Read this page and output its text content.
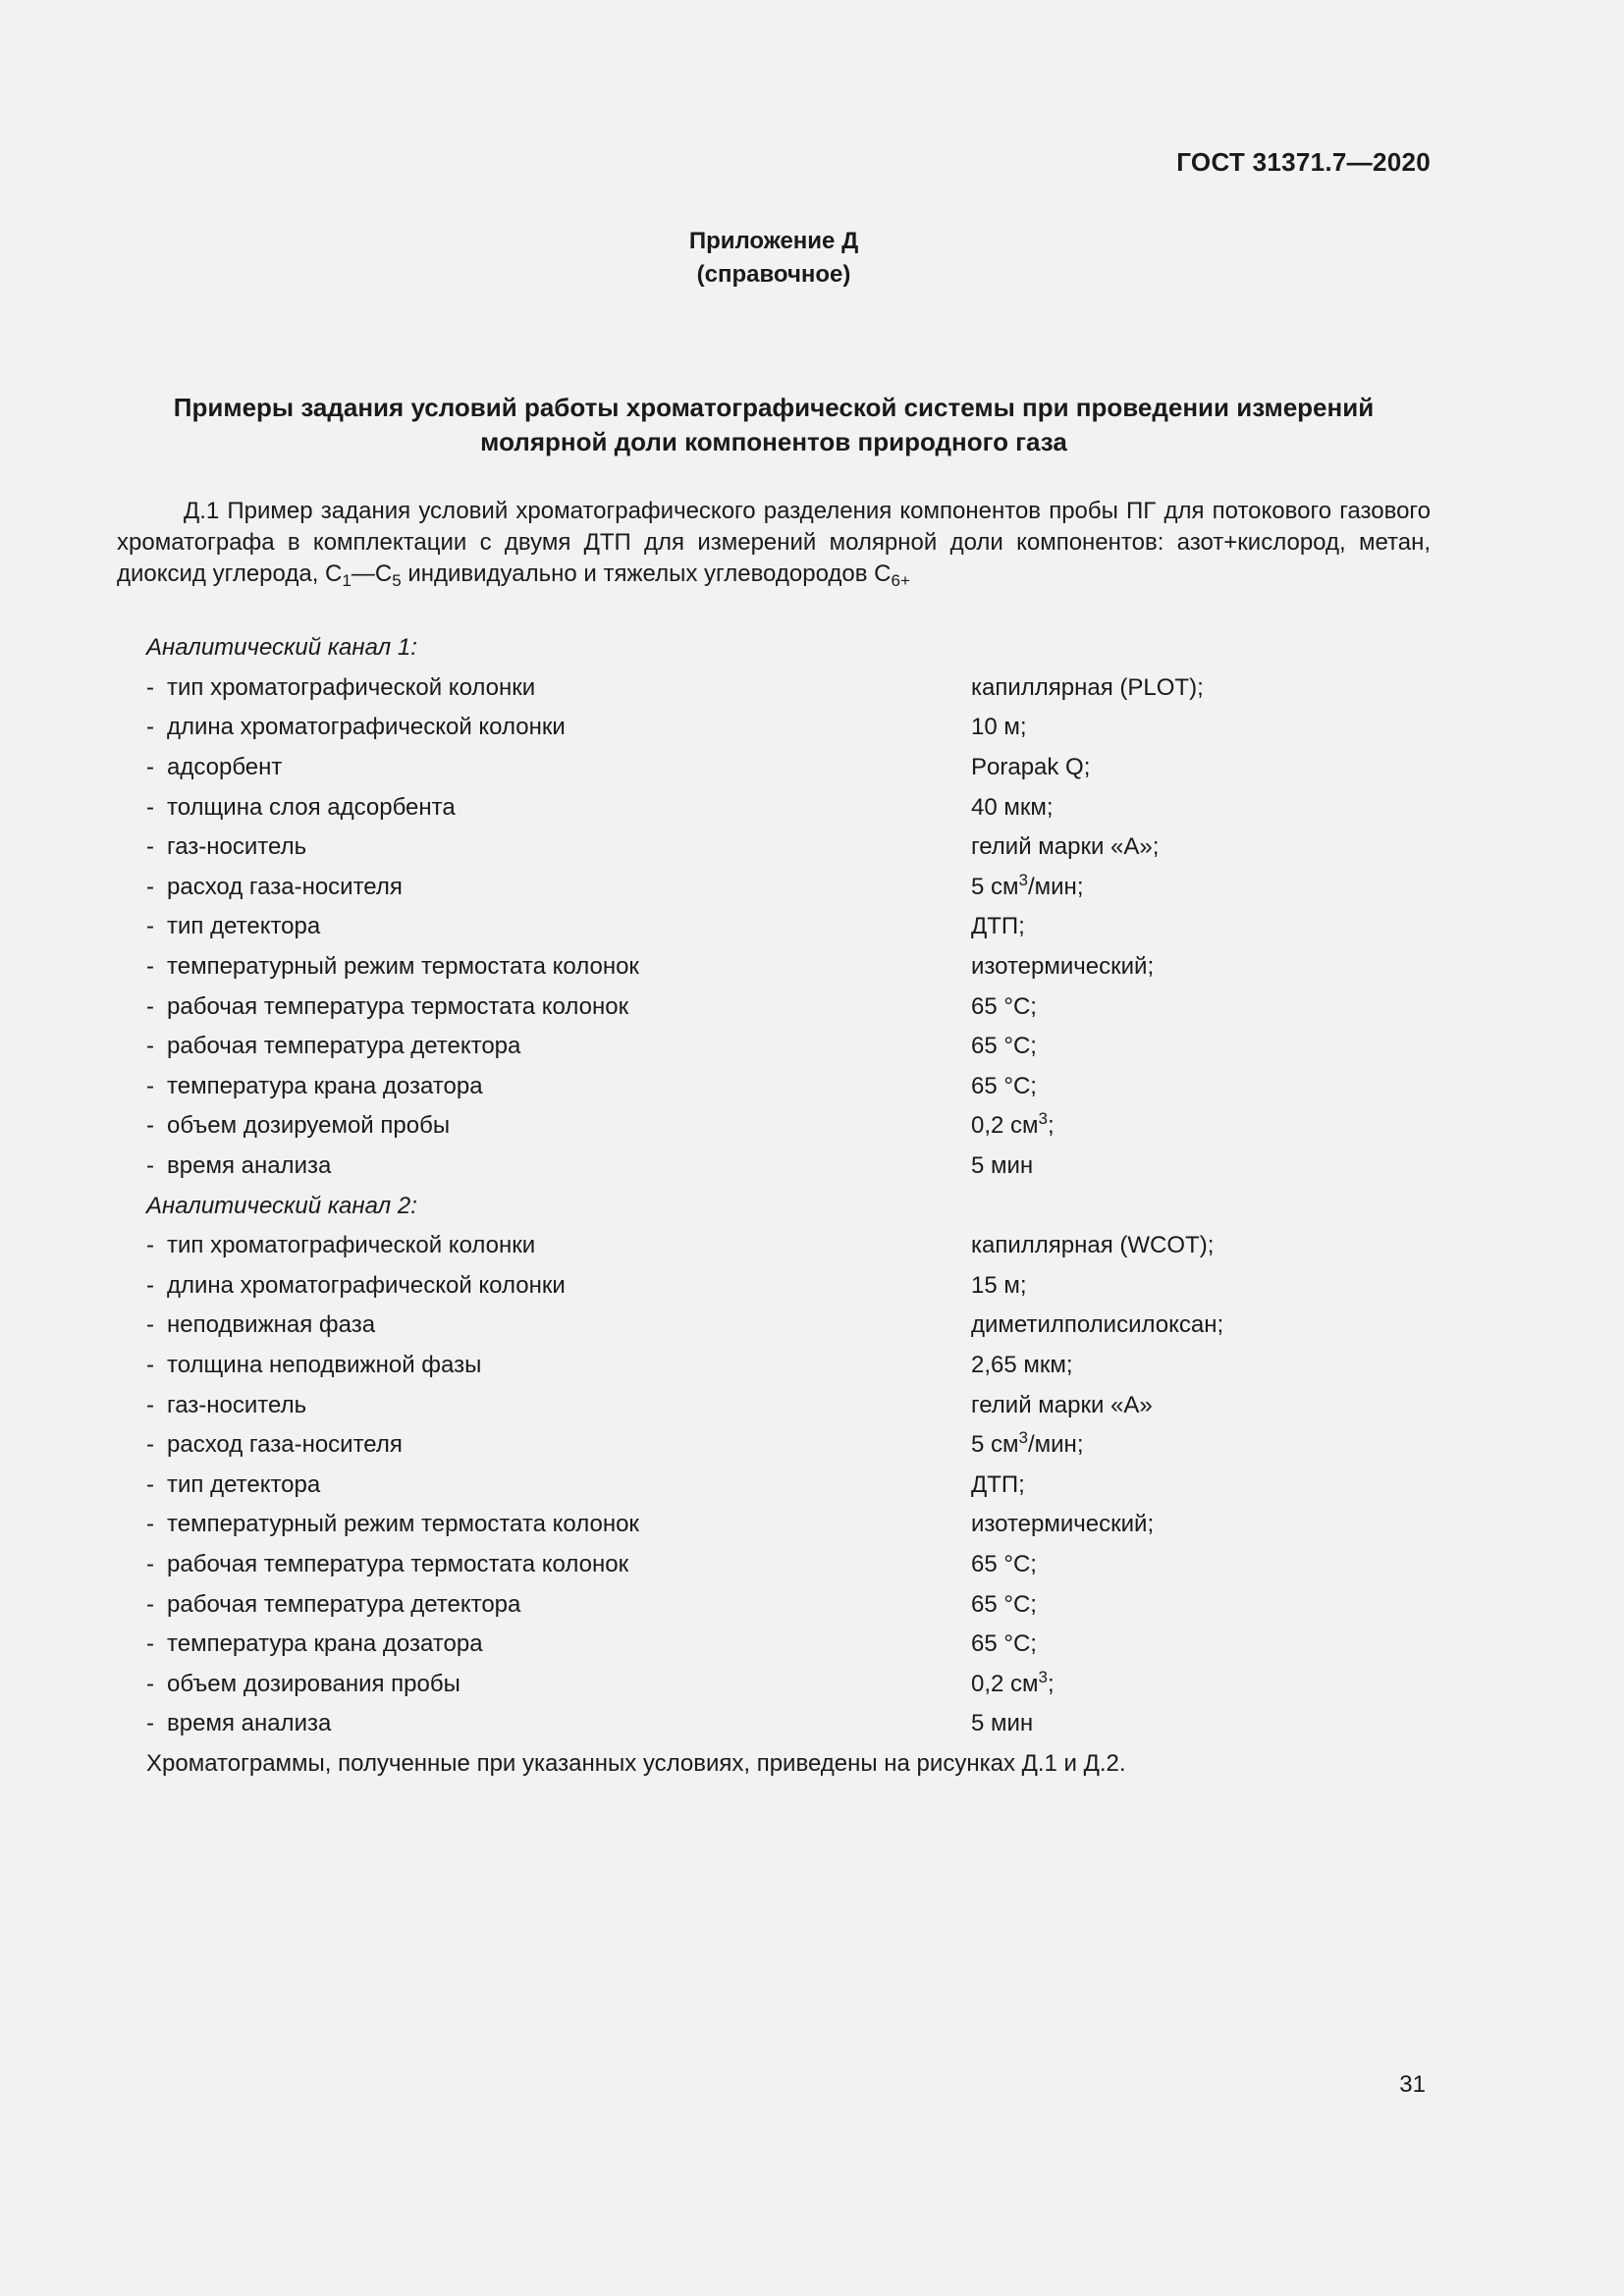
ГОСТ 31371.7—2020
Приложение Д
(справочное)
Примеры задания условий работы хроматографической системы при проведении измерений
молярной доли компонентов природного газа

Д.1 Пример задания условий хроматографического разделения компонентов пробы ПГ для потокового газового хроматографа в комплектации с двумя ДТП для измерений молярной доли компонентов: азот+кислород, метан, диоксид углерода, $С_1—С_5$ индивидуально и тяжелых углеводородов $С_{6+}$

Аналитический канал 1:
- тип хроматографической колонки	капиллярная (PLOT);
- длина хроматографической колонки	10 м;
- адсорбент	Porapak Q;
- толщина слоя адсорбента	40 мкм;
- газ-носитель	гелий марки «А»;
- расход газа-носителя	5 $см^3$/мин;
- тип детектора	ДТП;
- температурный режим термостата колонок	изотермический;
- рабочая температура термостата колонок	65 °С;
- рабочая температура детектора	65 °С;
- температура крана дозатора	65 °С;
- объем дозируемой пробы	0,2 $см^3$;
- время анализа	5 мин
Аналитический канал 2:
- тип хроматографической колонки	капиллярная (WCOT);
- длина хроматографической колонки	15 м;
- неподвижная фаза	диметилполисилоксан;
- толщина неподвижной фазы	2,65 мкм;
- газ-носитель	гелий марки «А»
- расход газа-носителя	5 $см^3$/мин;
- тип детектора	ДТП;
- температурный режим термостата колонок	изотермический;
- рабочая температура термостата колонок	65 °С;
- рабочая температура детектора	65 °С;
- температура крана дозатора	65 °С;
- объем дозирования пробы	0,2 $см^3$;
- время анализа	5 мин
Хроматограммы, полученные при указанных условиях, приведены на рисунках Д.1 и Д.2.
31
